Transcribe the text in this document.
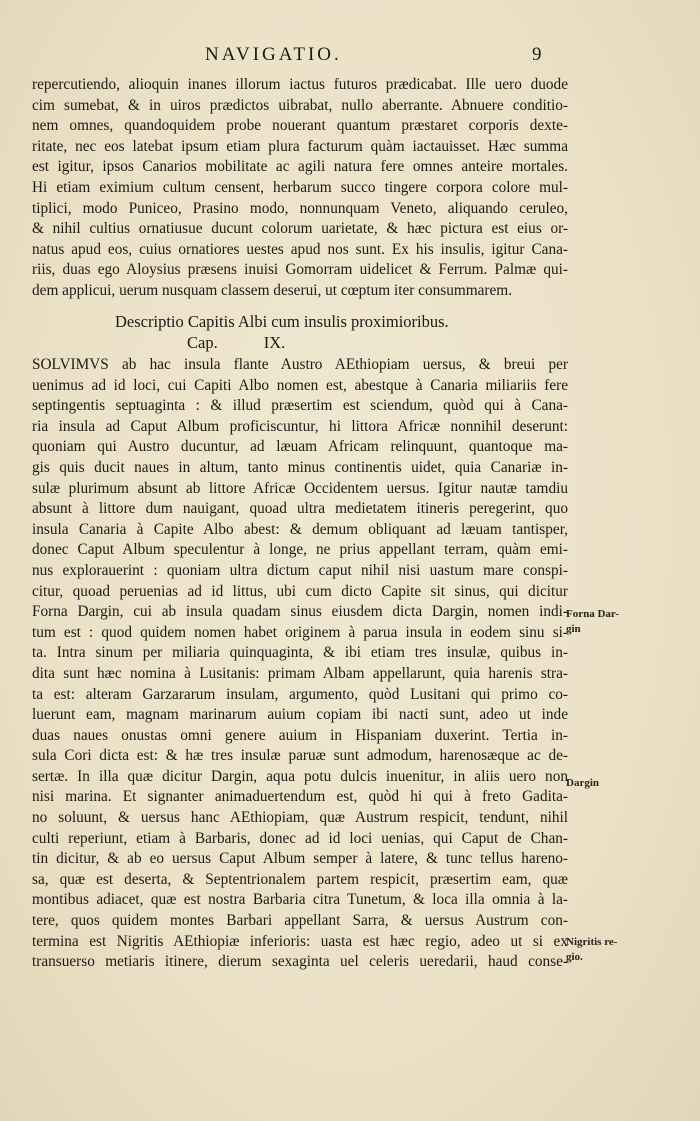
NAVIGATIO.	9
repercutiendo, alioquin inanes illorum iactus futuros prædicabat. Ille uero duode
cim sumebat, & in uiros prædictos uibrabat, nullo aberrante. Abnuere conditio-
nem omnes, quandoquidem probe nouerant quantum præstaret corporis dexte-
ritate, nec eos latebat ipsum etiam plura facturum quàm iactauisset. Hæc summa
est igitur, ipsos Canarios mobilitate ac agili natura fere omnes anteire mortales.
Hi etiam eximium cultum censent, herbarum succo tingere corpora colore mul-
tiplici, modo Puniceo, Prasino modo, nonnunquam Veneto, aliquando ceruleo,
& nihil cultius ornatiusue ducunt colorum uarietate, & hæc pictura est eius or-
natus apud eos, cuius ornatiores uestes apud nos sunt. Ex his insulis, igitur Cana-
riis, duas ego Aloysius præsens inuisi Gomorram uidelicet & Ferrum. Palmæ qui-
dem applicui, uerum nusquam classem deserui, ut cœptum iter consummarem.
Descriptio Capitis Albi cum insulis proximioribus.
Cap.	IX.
SOLVIMVS ab hac insula flante Austro AEthiopiam uersus, & breui per
uenimus ad id loci, cui Capiti Albo nomen est, abestque à Canaria miliariis fere
septingentis septuaginta : & illud præsertim est sciendum, quòd qui à Cana-
ria insula ad Caput Album proficiscuntur, hi littora Africæ nonnihil deserunt:
quoniam qui Austro ducuntur, ad læuam Africam relinquunt, quantoque ma-
gis quis ducit naues in altum, tanto minus continentis uidet, quia Canariæ in-
sulæ plurimum absunt ab littore Africæ Occidentem uersus. Igitur nautæ tamdiu
absunt à littore dum nauigant, quoad ultra medietatem itineris peregerint, quo
insula Canaria à Capite Albo abest: & demum obliquant ad læuam tantisper,
donec Caput Album speculentur à longe, ne prius appellant terram, quàm emi-
nus explorauerint : quoniam ultra dictum caput nihil nisi uastum mare conspi-
citur, quoad peruenias ad id littus, ubi cum dicto Capite sit sinus, qui dicitur
Forna Dargin, cui ab insula quadam sinus eiusdem dicta Dargin, nomen indi-
tum est : quod quidem nomen habet originem à parua insula in eodem sinu si-
ta. Intra sinum per miliaria quinquaginta, & ibi etiam tres insulæ, quibus in-
dita sunt hæc nomina à Lusitanis: primam Albam appellarunt, quia harenis stra-
ta est: alteram Garzararum insulam, argumento, quòd Lusitani qui primo co-
luerunt eam, magnam marinarum auium copiam ibi nacti sunt, adeo ut inde
duas naues onustas omni genere auium in Hispaniam duxerint. Tertia in-
sula Cori dicta est: & hæ tres insulæ paruæ sunt admodum, harenosæque ac de-
sertæ. In illa quæ dicitur Dargin, aqua potu dulcis inuenitur, in aliis uero non
nisi marina. Et signanter animaduertendum est, quòd hi qui à freto Gadita-
no soluunt, & uersus hanc AEthiopiam, quæ Austrum respicit, tendunt, nihil
culti reperiunt, etiam à Barbaris, donec ad id loci uenias, qui Caput de Chan-
tin dicitur, & ab eo uersus Caput Album semper à latere, & tunc tellus hareno-
sa, quæ est deserta, & Septentrionalem partem respicit, præsertim eam, quæ
montibus adiacet, quæ est nostra Barbaria citra Tunetum, & loca illa omnia à la-
tere, quos quidem montes Barbari appellant Sarra, & uersus Austrum con-
termina est Nigritis AEthiopiæ inferioris: uasta est hæc regio, adeo ut si ex
transuerso metiaris itinere, dierum sexaginta uel celeris ueredarii, haud conse-
Forna Dar-
gin
Dargin
Nigritis re-
gio.
